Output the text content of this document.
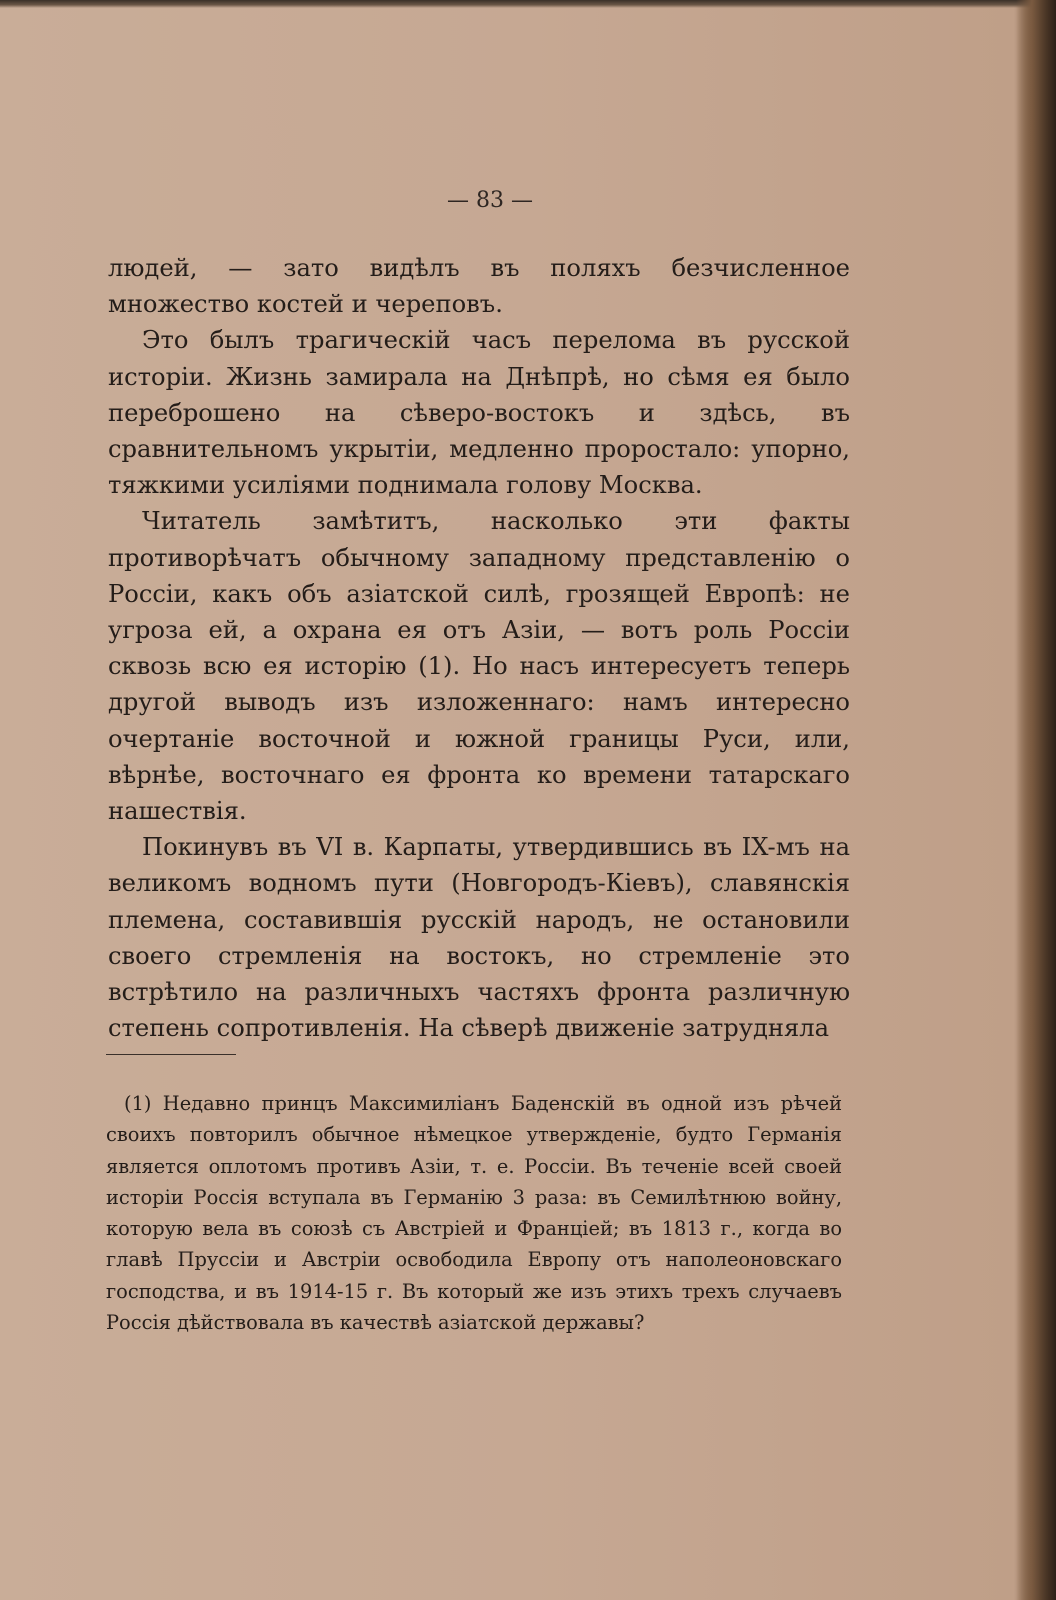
— 83 —

людей, — зато видѣлъ въ поляхъ безчисленное множество костей и череповъ.

Это былъ трагическій часъ перелома въ русской исторіи. Жизнь замирала на Днѣпрѣ, но сѣмя ея было переброшено на сѣверо-востокъ и здѣсь, въ сравнительномъ укрытіи, медленно проростало: упорно, тяжкими усиліями поднимала голову Москва.

Читатель замѣтитъ, насколько эти факты противорѣчатъ обычному западному представленію о Россіи, какъ объ азіатской силѣ, грозящей Европѣ: не угроза ей, а охрана ея отъ Азіи, — вотъ роль Россіи сквозь всю ея исторію (1). Но насъ интересуетъ теперь другой выводъ изъ изложеннаго: намъ интересно очертаніе восточной и южной границы Руси, или, вѣрнѣе, восточнаго ея фронта ко времени татарскаго нашествія.

Покинувъ въ VI в. Карпаты, утвердившись въ IX-мъ на великомъ водномъ пути (Новгородъ-Кіевъ), славянскія племена, составившія русскій народъ, не остановили своего стремленія на востокъ, но стремленіе это встрѣтило на различныхъ частяхъ фронта различную степень сопротивленія. На сѣверѣ движеніе затрудняла

(1) Недавно принцъ Максимиліанъ Баденскій въ одной изъ рѣчей своихъ повторилъ обычное нѣмецкое утвержденіе, будто Германія является оплотомъ противъ Азіи, т. е. Россіи. Въ теченіе всей своей исторіи Россія вступала въ Германію 3 раза: въ Семилѣтнюю войну, которую вела въ союзѣ съ Австріей и Франціей; въ 1813 г., когда во главѣ Пруссіи и Австріи освободила Европу отъ наполеоновскаго господства, и въ 1914-15 г. Въ который же изъ этихъ трехъ случаевъ Россія дѣйствовала въ качествѣ азіатской державы?
